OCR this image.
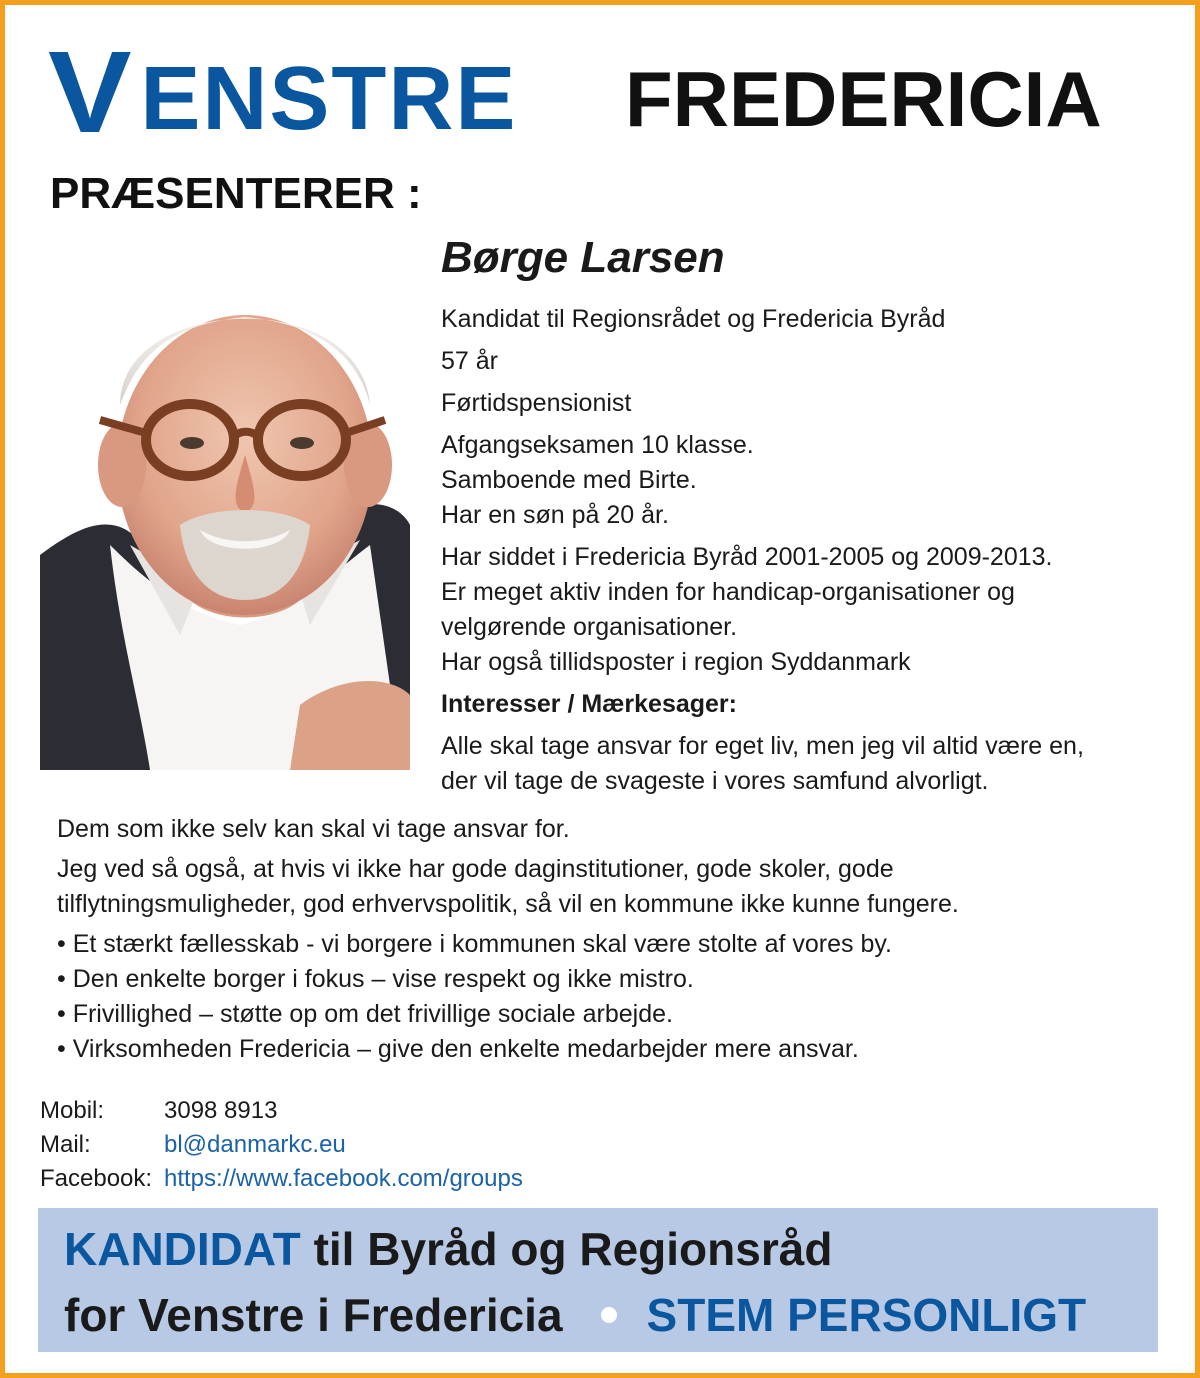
V ENSTRE FREDERICIA
PRÆSENTERER :
Børge Larsen

Kandidat til Regionsrådet og Fredericia Byråd

57 år

Førtidspensionist

Afgangseksamen 10 klasse.
Samboende med Birte.
Har en søn på 20 år.

Har siddet i Fredericia Byråd 2001-2005 og 2009-2013.
Er meget aktiv inden for handicap-organisationer og
velgørende organisationer.
Har også tillidsposter i region Syddanmark

Interesser / Mærkesager:

Alle skal tage ansvar for eget liv, men jeg vil altid være en,
der vil tage de svageste i vores samfund alvorligt.

Dem som ikke selv kan skal vi tage ansvar for.

Jeg ved så også, at hvis vi ikke har gode daginstitutioner, gode skoler, gode
tilflytningsmuligheder, god erhvervspolitik, så vil en kommune ikke kunne fungere.

• Et stærkt fællesskab - vi borgere i kommunen skal være stolte af vores by.
• Den enkelte borger i fokus – vise respekt og ikke mistro.
• Frivillighed – støtte op om det frivillige sociale arbejde.
• Virksomheden Fredericia – give den enkelte medarbejder mere ansvar.
Mobil:	3098 8913
Mail:	bl@danmarkc.eu
Facebook: https://www.facebook.com/groups
KANDIDAT til Byråd og Regionsråd
for Venstre i Fredericia STEM PERSONLIGT
